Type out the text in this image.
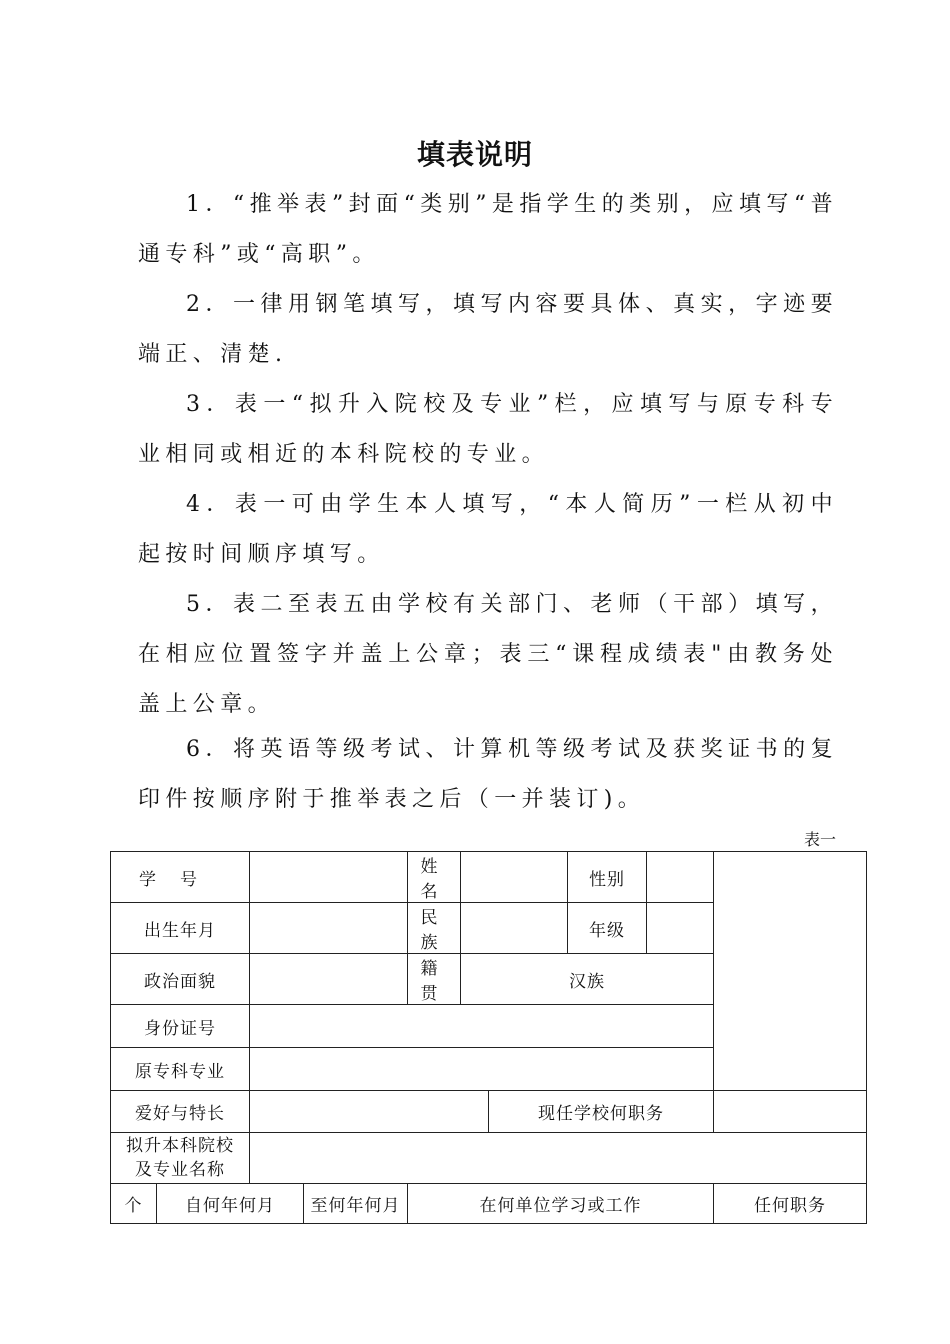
填表说明
1．“推举表”封面“类别”是指学生的类别，应填写“普通专科”或“高职”。
2．一律用钢笔填写，填写内容要具体、真实，字迹要端正、清楚.
3．表一“拟升入院校及专业”栏，应填写与原专科专业相同或相近的本科院校的专业。
4．表一可由学生本人填写，“本人简历”一栏从初中起按时间顺序填写。
5．表二至表五由学校有关部门、老师（干部）填写，在相应位置签字并盖上公章；表三“课程成绩表"由教务处盖上公章。
6．将英语等级考试、计算机等级考试及获奖证书的复印件按顺序附于推举表之后（一并装订)。
表一
学号				姓名			性别		
出生年月				民族			年级		
政治面貌				籍贯	汉族				
身份证号									
原专科专业									
爱好与特长						现任学校何职务			
拟升本科院校及专业名称									
个	自何年何月		至何年何月	在何单位学习或工作					任何职务
